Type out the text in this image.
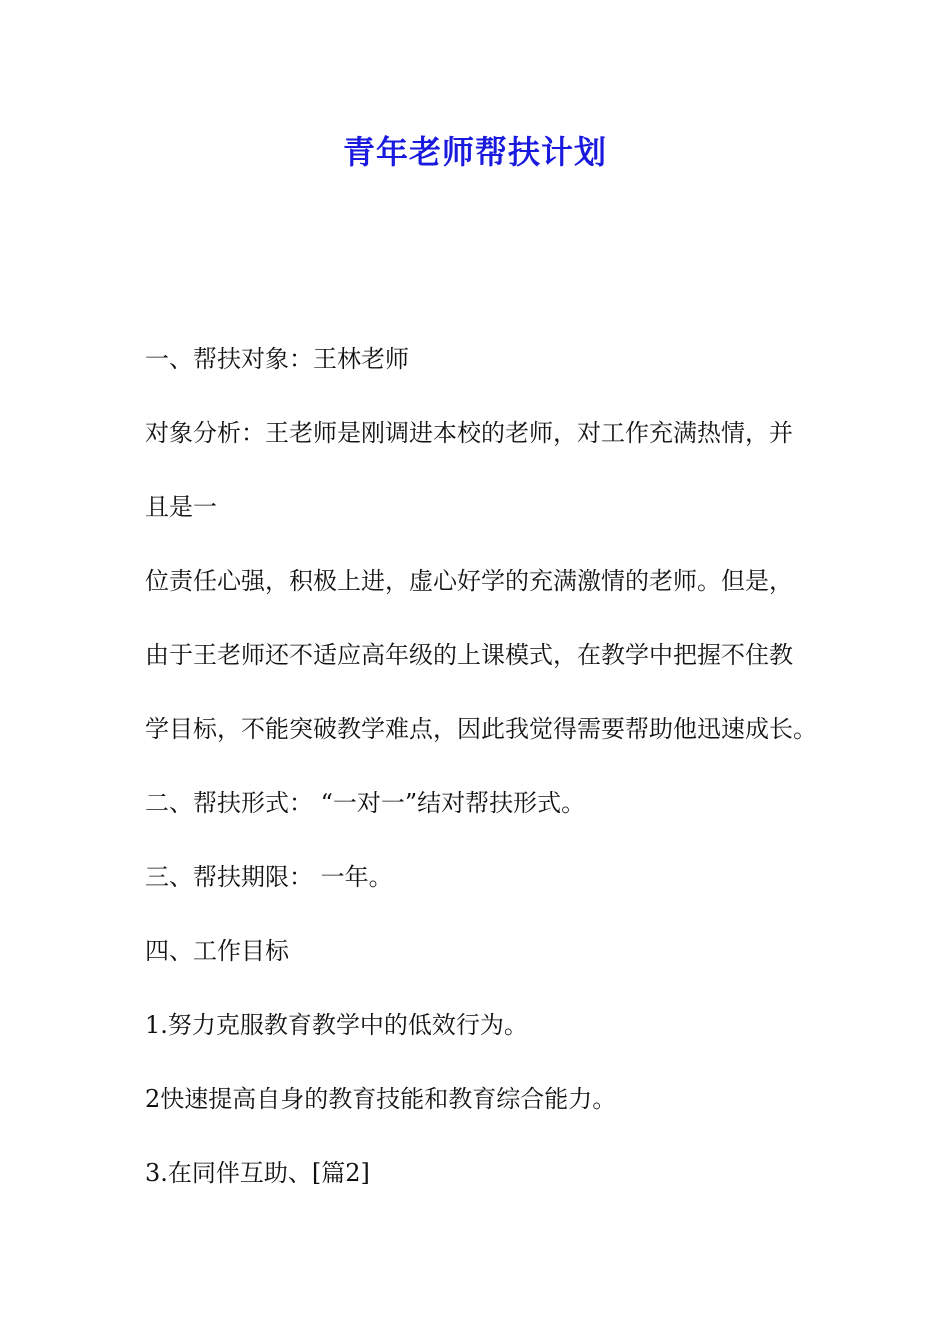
青年老师帮扶计划
一、帮扶对象：王林老师
对象分析：王老师是刚调进本校的老师，对工作充满热情，并
且是一
位责任心强，积极上进，虚心好学的充满激情的老师。但是，
由于王老师还不适应高年级的上课模式，在教学中把握不住教
学目标，不能突破教学难点，因此我觉得需要帮助他迅速成长。
二、帮扶形式： “一对一”结对帮扶形式。
三、帮扶期限： 一年。
四、工作目标
1.努力克服教育教学中的低效行为。
2快速提高自身的教育技能和教育综合能力。
3.在同伴互助、[篇2]
